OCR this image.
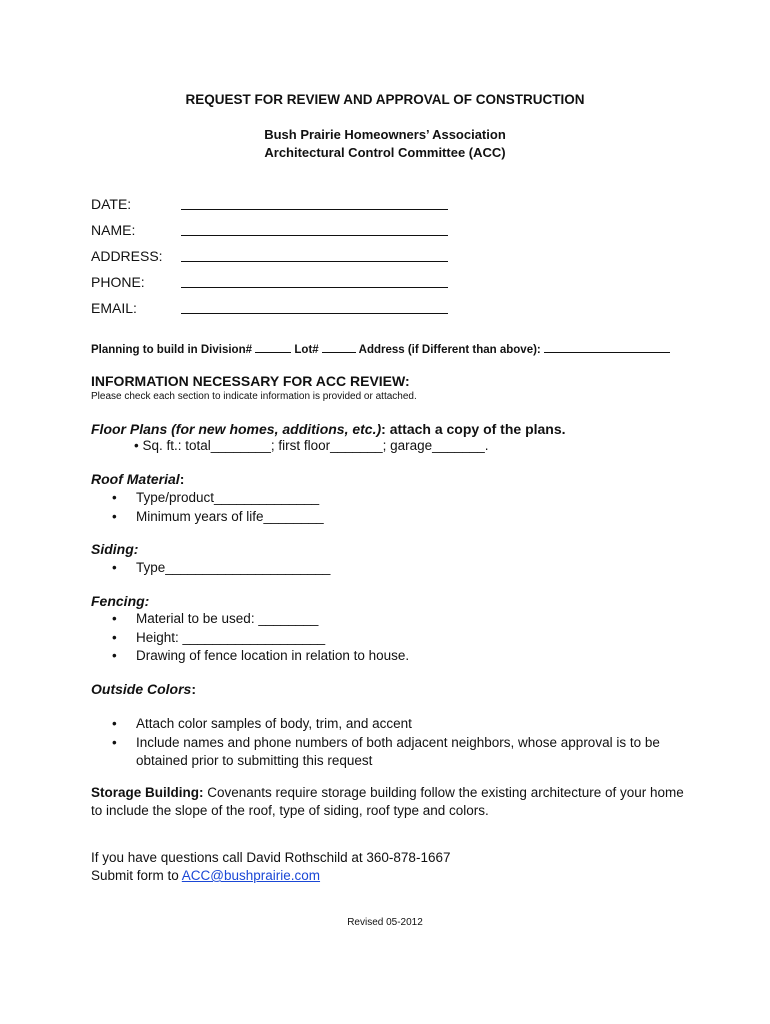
REQUEST FOR REVIEW AND APPROVAL OF CONSTRUCTION
Bush Prairie Homeowners’ Association
Architectural Control Committee (ACC)
DATE:
NAME:
ADDRESS:
PHONE:
EMAIL:
Planning to build in Division#	Lot#	Address (if Different than above):
INFORMATION NECESSARY FOR ACC REVIEW:
Please check each section to indicate information is provided or attached.
Floor Plans (for new homes, additions, etc.): attach a copy of the plans.
• Sq. ft.: total________; first floor_______; garage_______.
Roof Material:
• Type/product______________
• Minimum years of life________
Siding:
• Type______________________
Fencing:
• Material to be used: ________
• Height: ___________________
• Drawing of fence location in relation to house.
Outside Colors:
• Attach color samples of body, trim, and accent
• Include names and phone numbers of both adjacent neighbors, whose approval is to be obtained prior to submitting this request
Storage Building: Covenants require storage building follow the existing architecture of your home to include the slope of the roof, type of siding, roof type and colors.
If you have questions call David Rothschild at 360-878-1667
Submit form to ACC@bushprairie.com
Revised 05-2012
